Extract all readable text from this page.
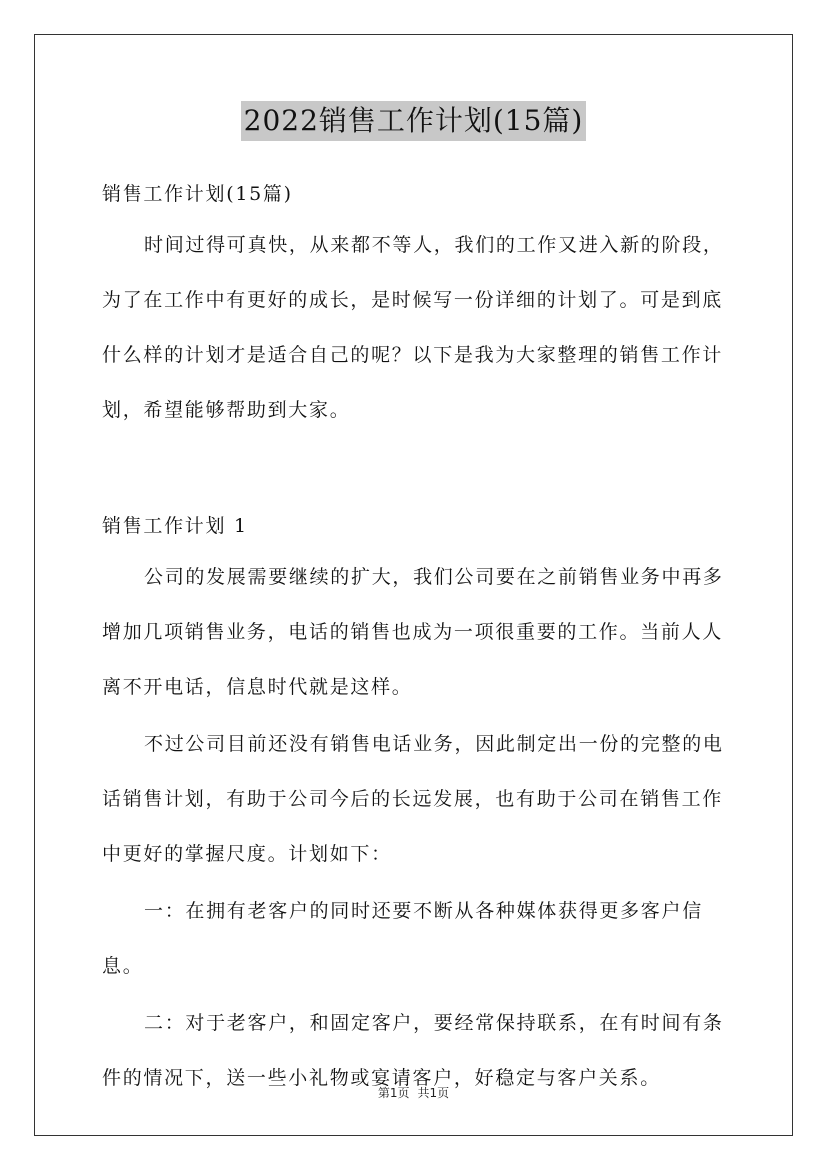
2022销售工作计划(15篇)

销售工作计划(15篇)

时间过得可真快，从来都不等人，我们的工作又进入新的阶段，为了在工作中有更好的成长，是时候写一份详细的计划了。可是到底什么样的计划才是适合自己的呢？以下是我为大家整理的销售工作计划，希望能够帮助到大家。

销售工作计划 1

公司的发展需要继续的扩大，我们公司要在之前销售业务中再多增加几项销售业务，电话的销售也成为一项很重要的工作。当前人人离不开电话，信息时代就是这样。

不过公司目前还没有销售电话业务，因此制定出一份的完整的电话销售计划，有助于公司今后的长远发展，也有助于公司在销售工作中更好的掌握尺度。计划如下：

一：在拥有老客户的同时还要不断从各种媒体获得更多客户信息。

二：对于老客户，和固定客户，要经常保持联系，在有时间有条件的情况下，送一些小礼物或宴请客户，好稳定与客户关系。

第1页 共1页
